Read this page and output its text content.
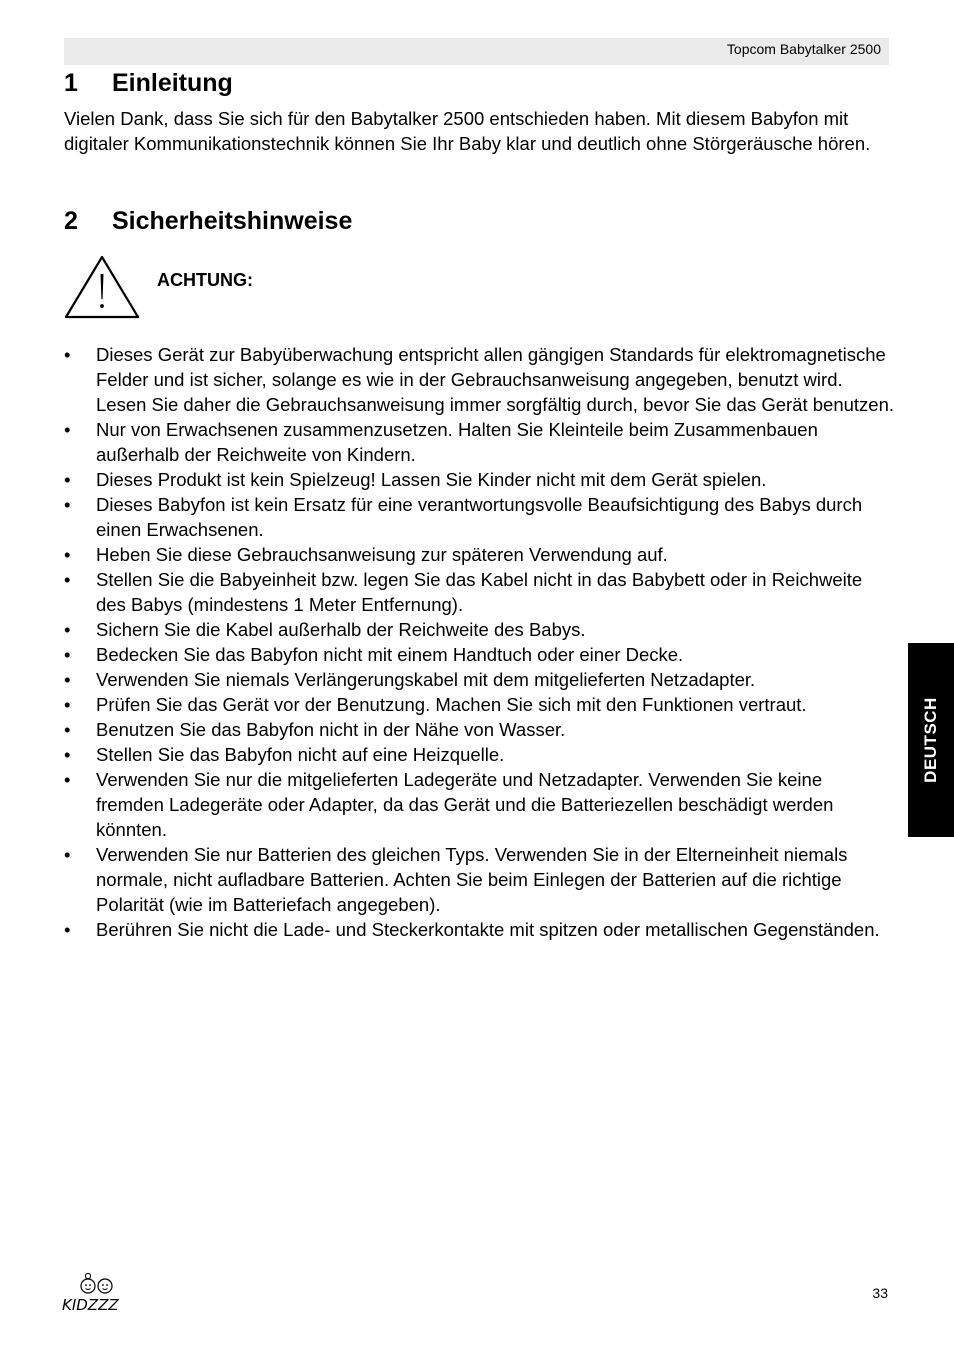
Topcom Babytalker 2500
1 Einleitung

Vielen Dank, dass Sie sich für den Babytalker 2500 entschieden haben. Mit diesem Babyfon mit digitaler Kommunikationstechnik können Sie Ihr Baby klar und deutlich ohne Störgeräusche hören.

2 Sicherheitshinweise
ACHTUNG:
• Dieses Gerät zur Babyüberwachung entspricht allen gängigen Standards für elektromagnetische Felder und ist sicher, solange es wie in der Gebrauchsanweisung angegeben, benutzt wird. Lesen Sie daher die Gebrauchsanweisung immer sorgfältig durch, bevor Sie das Gerät benutzen.
• Nur von Erwachsenen zusammenzusetzen. Halten Sie Kleinteile beim Zusammenbauen außerhalb der Reichweite von Kindern.
• Dieses Produkt ist kein Spielzeug! Lassen Sie Kinder nicht mit dem Gerät spielen.
• Dieses Babyfon ist kein Ersatz für eine verantwortungsvolle Beaufsichtigung des Babys durch einen Erwachsenen.
• Heben Sie diese Gebrauchsanweisung zur späteren Verwendung auf.
• Stellen Sie die Babyeinheit bzw. legen Sie das Kabel nicht in das Babybett oder in Reichweite des Babys (mindestens 1 Meter Entfernung).
• Sichern Sie die Kabel außerhalb der Reichweite des Babys.
• Bedecken Sie das Babyfon nicht mit einem Handtuch oder einer Decke.
• Verwenden Sie niemals Verlängerungskabel mit dem mitgelieferten Netzadapter.
• Prüfen Sie das Gerät vor der Benutzung. Machen Sie sich mit den Funktionen vertraut.
• Benutzen Sie das Babyfon nicht in der Nähe von Wasser.
• Stellen Sie das Babyfon nicht auf eine Heizquelle.
• Verwenden Sie nur die mitgelieferten Ladegeräte und Netzadapter. Verwenden Sie keine fremden Ladegeräte oder Adapter, da das Gerät und die Batteriezellen beschädigt werden könnten.
• Verwenden Sie nur Batterien des gleichen Typs. Verwenden Sie in der Elterneinheit niemals normale, nicht aufladbare Batterien. Achten Sie beim Einlegen der Batterien auf die richtige Polarität (wie im Batteriefach angegeben).
• Berühren Sie nicht die Lade- und Steckerkontakte mit spitzen oder metallischen Gegenständen.
DEUTSCH
KIDZZZ
33
